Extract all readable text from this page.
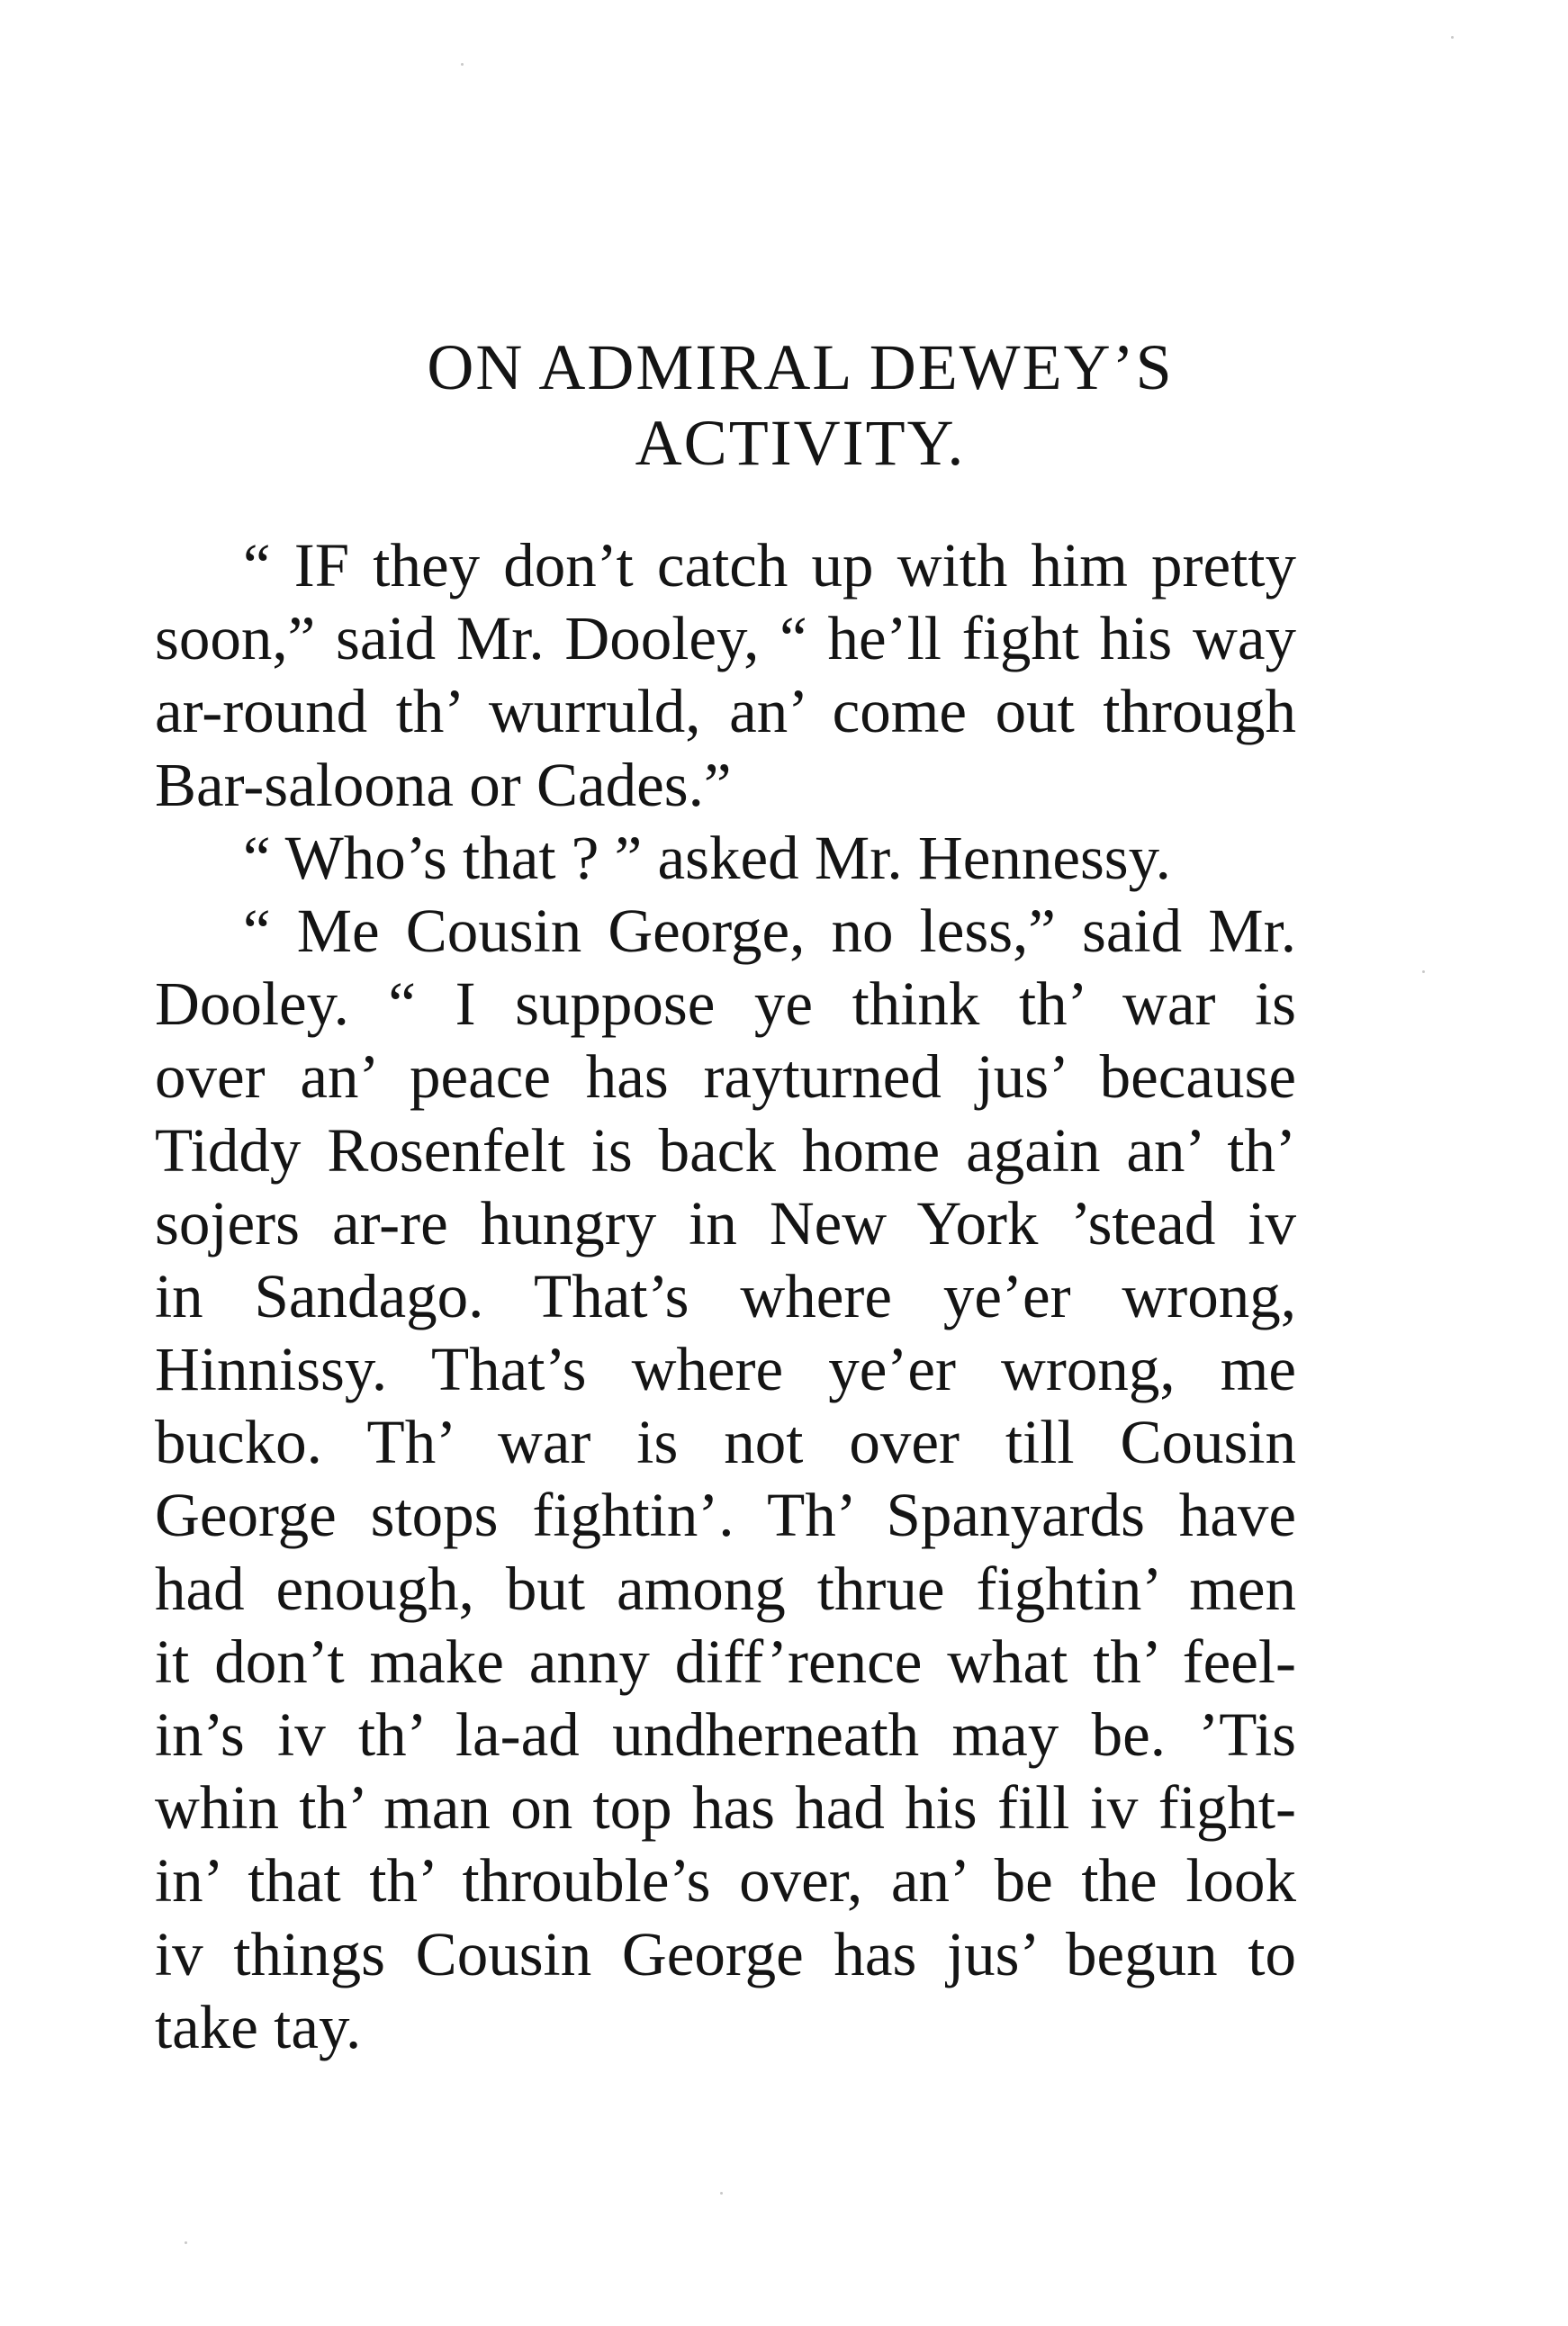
ON ADMIRAL DEWEY’S
ACTIVITY.
“ IF they don’t catch up with him pretty
soon,” said Mr. Dooley, “ he’ll fight his way
ar-round th’ wurruld, an’ come out through
Bar-saloona or Cades.”
“ Who’s that ? ” asked Mr. Hennessy.
“ Me Cousin George, no less,” said Mr.
Dooley. “ I suppose ye think th’ war is
over an’ peace has rayturned jus’ because
Tiddy Rosenfelt is back home again an’ th’
sojers ar-re hungry in New York ’stead iv
in Sandago. That’s where ye’er wrong,
Hinnissy. That’s where ye’er wrong, me
bucko. Th’ war is not over till Cousin
George stops fightin’. Th’ Spanyards have
had enough, but among thrue fightin’ men
it don’t make anny diff’rence what th’ feel-
in’s iv th’ la-ad undherneath may be. ’Tis
whin th’ man on top has had his fill iv fight-
in’ that th’ throuble’s over, an’ be the look
iv things Cousin George has jus’ begun to
take tay.
